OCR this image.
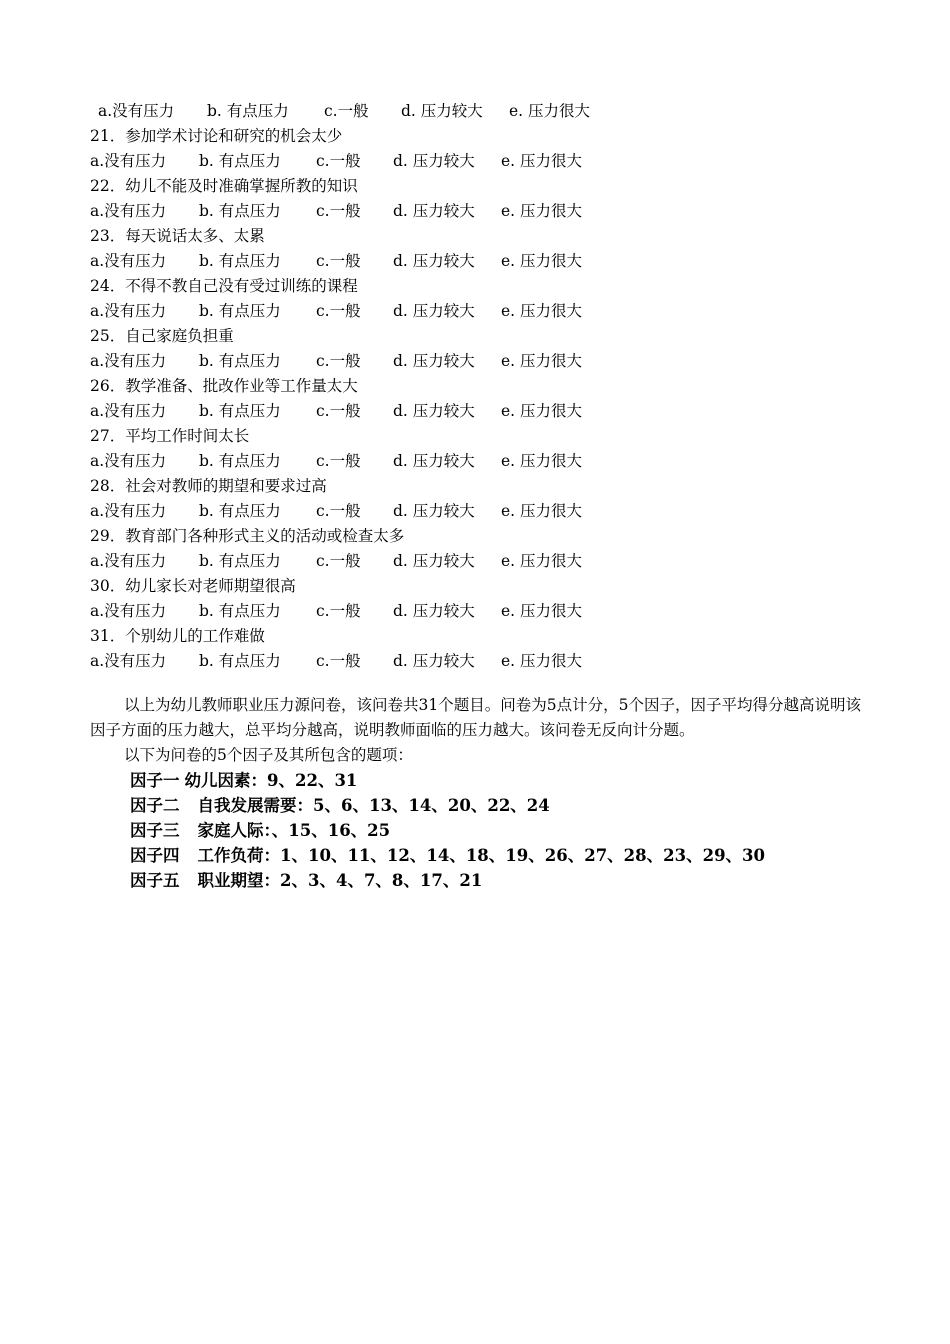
a.没有压力	b. 有点压力	c.一般	d. 压力较大	e. 压力很大
21．参加学术讨论和研究的机会太少
a.没有压力	b. 有点压力	c.一般	d. 压力较大	e. 压力很大
22．幼儿不能及时准确掌握所教的知识
a.没有压力	b. 有点压力	c.一般	d. 压力较大	e. 压力很大
23．每天说话太多、太累
a.没有压力	b. 有点压力	c.一般	d. 压力较大	e. 压力很大
24．不得不教自己没有受过训练的课程
a.没有压力	b. 有点压力	c.一般	d. 压力较大	e. 压力很大
25．自己家庭负担重
a.没有压力	b. 有点压力	c.一般	d. 压力较大	e. 压力很大
26．教学准备、批改作业等工作量太大
a.没有压力	b. 有点压力	c.一般	d. 压力较大	e. 压力很大
27．平均工作时间太长
a.没有压力	b. 有点压力	c.一般	d. 压力较大	e. 压力很大
28．社会对教师的期望和要求过高
a.没有压力	b. 有点压力	c.一般	d. 压力较大	e. 压力很大
29．教育部门各种形式主义的活动或检查太多
a.没有压力	b. 有点压力	c.一般	d. 压力较大	e. 压力很大
30．幼儿家长对老师期望很高
a.没有压力	b. 有点压力	c.一般	d. 压力较大	e. 压力很大
31．个别幼儿的工作难做
a.没有压力	b. 有点压力	c.一般	d. 压力较大	e. 压力很大
以上为幼儿教师职业压力源问卷，该问卷共31个题目。问卷为5点计分，5个因子，因子平均得分越高说明该因子方面的压力越大，总平均分越高，说明教师面临的压力越大。该问卷无反向计分题。
以下为问卷的5个因子及其所包含的题项：
因子一 幼儿因素：9、22、31
因子二 自我发展需要：5、6、13、14、20、22、24
因子三 家庭人际：、15、16、25
因子四 工作负荷：1、10、11、12、14、18、19、26、27、28、23、29、30
因子五 职业期望：2、3、4、7、8、17、21
